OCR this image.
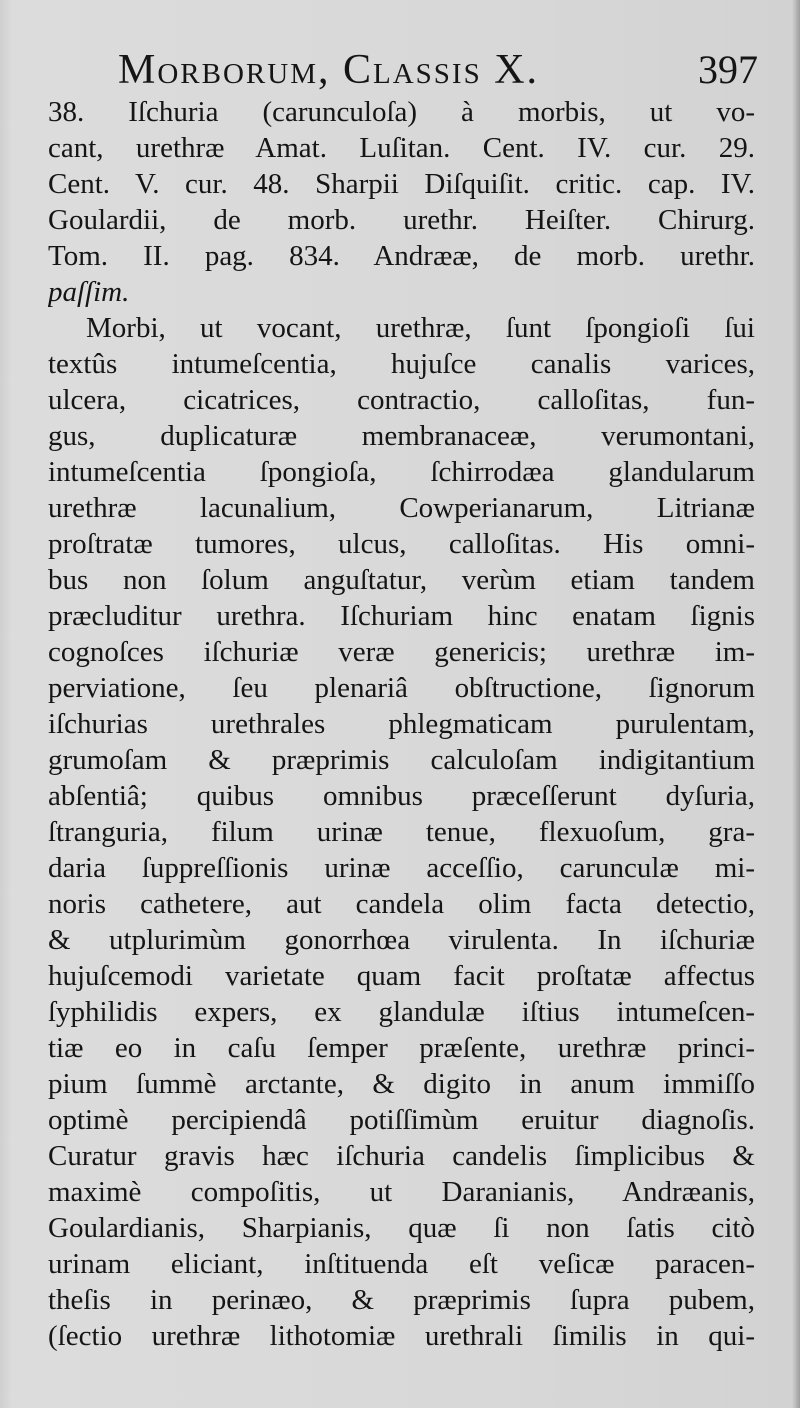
Morborum, Classis X.	397
38. Iſchuria (carunculoſa) à morbis, ut vo-
cant, urethræ Amat. Luſitan. Cent. IV. cur. 29.
Cent. V. cur. 48. Sharpii Diſquiſit. critic. cap. IV.
Goulardii, de morb. urethr. Heiſter. Chirurg.
Tom. II. pag. 834. Andrææ, de morb. urethr.
paſſim.
Morbi, ut vocant, urethræ, ſunt ſpongioſi ſui
textûs intumeſcentia, hujuſce canalis varices,
ulcera, cicatrices, contractio, calloſitas, fun-
gus, duplicaturæ membranaceæ, verumontani,
intumeſcentia ſpongioſa, ſchirrodæa glandularum
urethræ lacunalium, Cowperianarum, Litrianæ
proſtratæ tumores, ulcus, calloſitas. His omni-
bus non ſolum anguſtatur, verùm etiam tandem
præcluditur urethra. Iſchuriam hinc enatam ſignis
cognoſces iſchuriæ veræ genericis; urethræ im-
perviatione, ſeu plenariâ obſtructione, ſignorum
iſchurias urethrales phlegmaticam purulentam,
grumoſam & præprimis calculoſam indigitantium
abſentiâ; quibus omnibus præceſſerunt dyſuria,
ſtranguria, filum urinæ tenue, flexuoſum, gra-
daria ſuppreſſionis urinæ acceſſio, carunculæ mi-
noris cathetere, aut candela olim facta detectio,
& utplurimùm gonorrhœa virulenta. In iſchuriæ
hujuſcemodi varietate quam facit proſtatæ affectus
ſyphilidis expers, ex glandulæ iſtius intumeſcen-
tiæ eo in caſu ſemper præſente, urethræ princi-
pium ſummè arctante, & digito in anum immiſſo
optimè percipiendâ potiſſimùm eruitur diagnoſis.
Curatur gravis hæc iſchuria candelis ſimplicibus &
maximè compoſitis, ut Daranianis, Andræanis,
Goulardianis, Sharpianis, quæ ſi non ſatis citò
urinam eliciant, inſtituenda eſt veſicæ paracen-
theſis in perinæo, & præprimis ſupra pubem,
(ſectio urethræ lithotomiæ urethrali ſimilis in qui-
